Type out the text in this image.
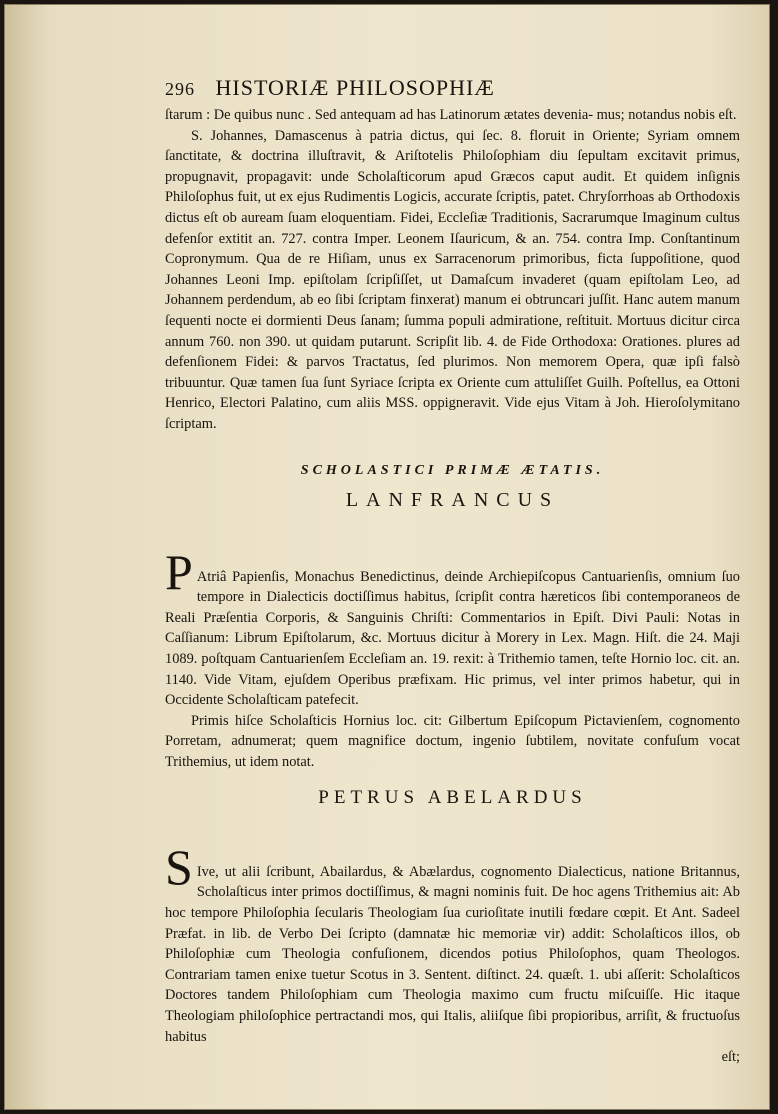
296 HISTORIÆ PHILOSOPHIÆ

ſtarum : De quibus nunc . Sed antequam ad has Latinorum ætates devenia- mus; notandus nobis eſt.

S. Johannes, Damascenus à patria dictus, qui ſec. 8. floruit in Oriente; Syriam omnem ſanctitate, & doctrina illuſtravit, & Ariſtotelis Philoſophiam diu ſepultam excitavit primus, propugnavit, propagavit: unde Scholaſticorum apud Græcos caput audit. Et quidem inſignis Philoſophus fuit, ut ex ejus Rudimentis Logicis, accurate ſcriptis, patet. Chryſorrhoas ab Orthodoxis dictus eſt ob auream ſuam eloquentiam. Fidei, Eccleſiæ Traditionis, Sacrarumque Imaginum cultus defenſor extitit an. 727. contra Imper. Leonem Iſauricum, & an. 754. contra Imp. Conſtantinum Copronymum. Qua de re Hiſiam, unus ex Sarracenorum primoribus, ficta ſuppoſitione, quod Johannes Leoni Imp. epiſtolam ſcripſiſſet, ut Damaſcum invaderet (quam epiſtolam Leo, ad Johannem perdendum, ab eo ſibi ſcriptam finxerat) manum ei obtruncari juſſit. Hanc autem manum ſequenti nocte ei dormienti Deus ſanam; ſumma populi admiratione, reſtituit. Mortuus dicitur circa annum 760. non 390. ut quidam putarunt. Scripſit lib. 4. de Fide Orthodoxa: Orationes. plures ad defenſionem Fidei: & parvos Tractatus, ſed plurimos. Non memorem Opera, quæ ipſi falsò tribuuntur. Quæ tamen ſua ſunt Syriace ſcripta ex Oriente cum attuliſſet Guilh. Poſtellus, ea Ottoni Henrico, Electori Palatino, cum aliis MSS. oppigneravit. Vide ejus Vitam à Joh. Hieroſolymitano ſcriptam.

SCHOLASTICI PRIMÆ ÆTATIS.
LANFRANCUS

P Atriâ Papienſis, Monachus Benedictinus, deinde Archiepiſcopus Cantuarienſis, omnium ſuo tempore in Dialecticis doctiſſimus habitus, ſcripſit contra hæreticos ſibi contemporaneos de Reali Præſentia Corporis, & Sanguinis Chriſti: Commentarios in Epiſt. Divi Pauli: Notas in Caſſianum: Librum Epiſtolarum, &c. Mortuus dicitur à Morery in Lex. Magn. Hiſt. die 24. Maji 1089. poſtquam Cantuarienſem Eccleſiam an. 19. rexit: à Trithemio tamen, teſte Hornio loc. cit. an. 1140. Vide Vitam, ejuſdem Operibus præfixam. Hic primus, vel inter primos habetur, qui in Occidente Scholaſticam patefecit.

Primis hiſce Scholaſticis Hornius loc. cit: Gilbertum Epiſcopum Pictavienſem, cognomento Porretam, adnumerat; quem magnifice doctum, ingenio ſubtilem, novitate confuſum vocat Trithemius, ut idem notat.

PETRUS ABELARDUS

S Ive, ut alii ſcribunt, Abailardus, & Abælardus, cognomento Dialecticus, natione Britannus, Scholaſticus inter primos doctiſſimus, & magni nominis fuit. De hoc agens Trithemius ait: Ab hoc tempore Philoſophia ſecularis Theologiam ſua curioſitate inutili fœdare cœpit. Et Ant. Sadeel Præfat. in lib. de Verbo Dei ſcripto (damnatæ hic memoriæ vir) addit: Scholaſticos illos, ob Philoſophiæ cum Theologia confuſionem, dicendos potius Philoſophos, quam Theologos. Contrariam tamen enixe tuetur Scotus in 3. Sentent. diſtinct. 24. quæſt. 1. ubi aſſerit: Scholaſticos Doctores tandem Philoſophiam cum Theologia maximo cum fructu miſcuiſſe. Hic itaque Theologiam philoſophice pertractandi mos, qui Italis, aliiſque ſibi propioribus, arriſit, & fructuoſus habitus

eſt;
